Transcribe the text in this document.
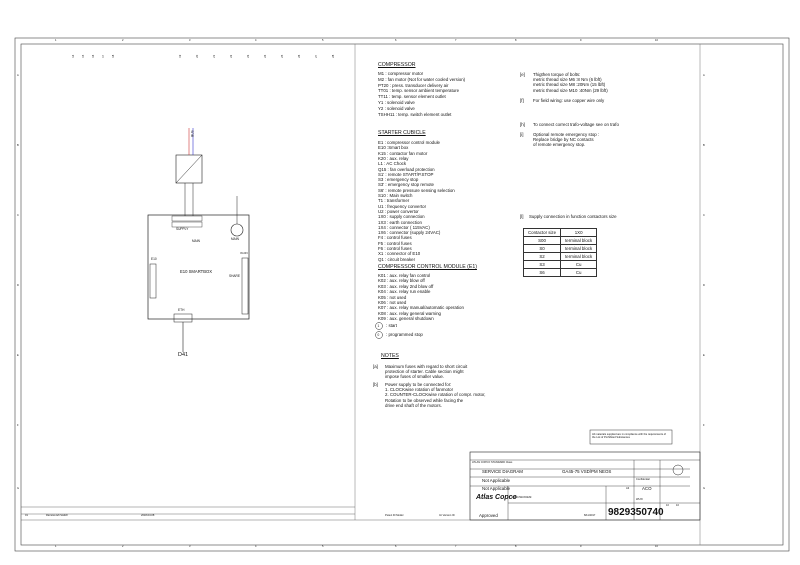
BUS
SUPPLY
MAIN
E10 SMARTBOX
E10
SHARE
IN:24V
MAIN
ETH
D41
COMPRESSOR
STARTER CUBICLE
COMPRESSOR CONTROL MODULE (E1)
1 : start
0 : programmed stop
NOTES
[a]
[b]
[e]
[f] For field wiring: use copper wire only
[h] To connect correct trafo-voltage see on trafo
[i]
[l] Supply connection in function contactors size
Contactor size	1X0
S00	terminal block
S0	terminal block
S2	terminal block
S3	Cu
S6	Cu
All materials supplied are in compliance with the requirements of the List of Prohibited Substances
ATLAS COPCO STANDARD Class
SERVICE DIAGRAM	GA45-75 VSD/PM NEOS
Not Applicable
Not Applicable
Confidential
A3	ACO
Atlas Copco
APAC/WUXI/ENI
Approved	8/11/2017 9829350740
10	10
WUXI
01	Remove E6 Switch	2018-03-08	Pstext ID Model	Int Version ID
1
1
2
2
3
3
4
4
5
5
6
6
7
7
8
8
9
9
10
10
A	A
B	B
C	C
D	D
E	E
F	F
G	G
14	15	16	17	18	19	20	21	22	23	24	25	26	27	28
M1 : compressor motor
M2 : fan motor (Not for water cooled version)
PT20 : press. transducer delivery air
TT01 : temp. sensor ambient temperature
TT11 : temp. sensor element outlet
Y1 : solenoid valve
Y2 : solenoid valve
TSHH11 : temp. switch element outlet
E1 : compressor control module
E10 :Smart box
K15 : contactor fan motor
K20 : aux. relay
L1 : AC Chock
Q15 : fan overload protection
S1' : remote START/P.STOP
S3 : emergency stop
S3' : emergency stop remote
S6' : remote pressure sensing selection
S10 : Main switch
T1 : transformer
U1 : frequency convertor
U2 : power convertor
1X0 : supply connection
1X3 : earth connection
1X4 : connector ( 115VAC)
1X6 : connector (supply 24VAC)
F4 : control fuses
F5 : control fuses
F6 : control fuses
X1 : connector of E10
Q1 : circuit breaker
K01 : aux. relay fan control
K02 : aux. relay blow off
K03 : aux. relay 2nd blow off
K04 : aux. relay run enable
K05 : not used
K06 : not used
K07 : aux. relay manual/automatic operation
K08 : aux. relay general warning
K09 : aux. general shutdown
Maximum fuses with regard to short circuit
protection of starter. Cable section might
impose fuses of smaller value.
Power supply to be connected for:
1. CLOCKwise rotation of fanmotor
2. COUNTER-CLOCKwise rotation of compr. motor,
Rotation to be observed while facing the
drive end shaft of the motors.
Thigthen torque of bolts:
metric thread size M6 :8 Nm (6 lbft)
metric thread size M8 :20Nm (15 lbft)
metric thread size M10 :40Nm (29 lbft)
Optional remote emergency stop :
Replace bridge by NC contacts
of remote emergency stop.
